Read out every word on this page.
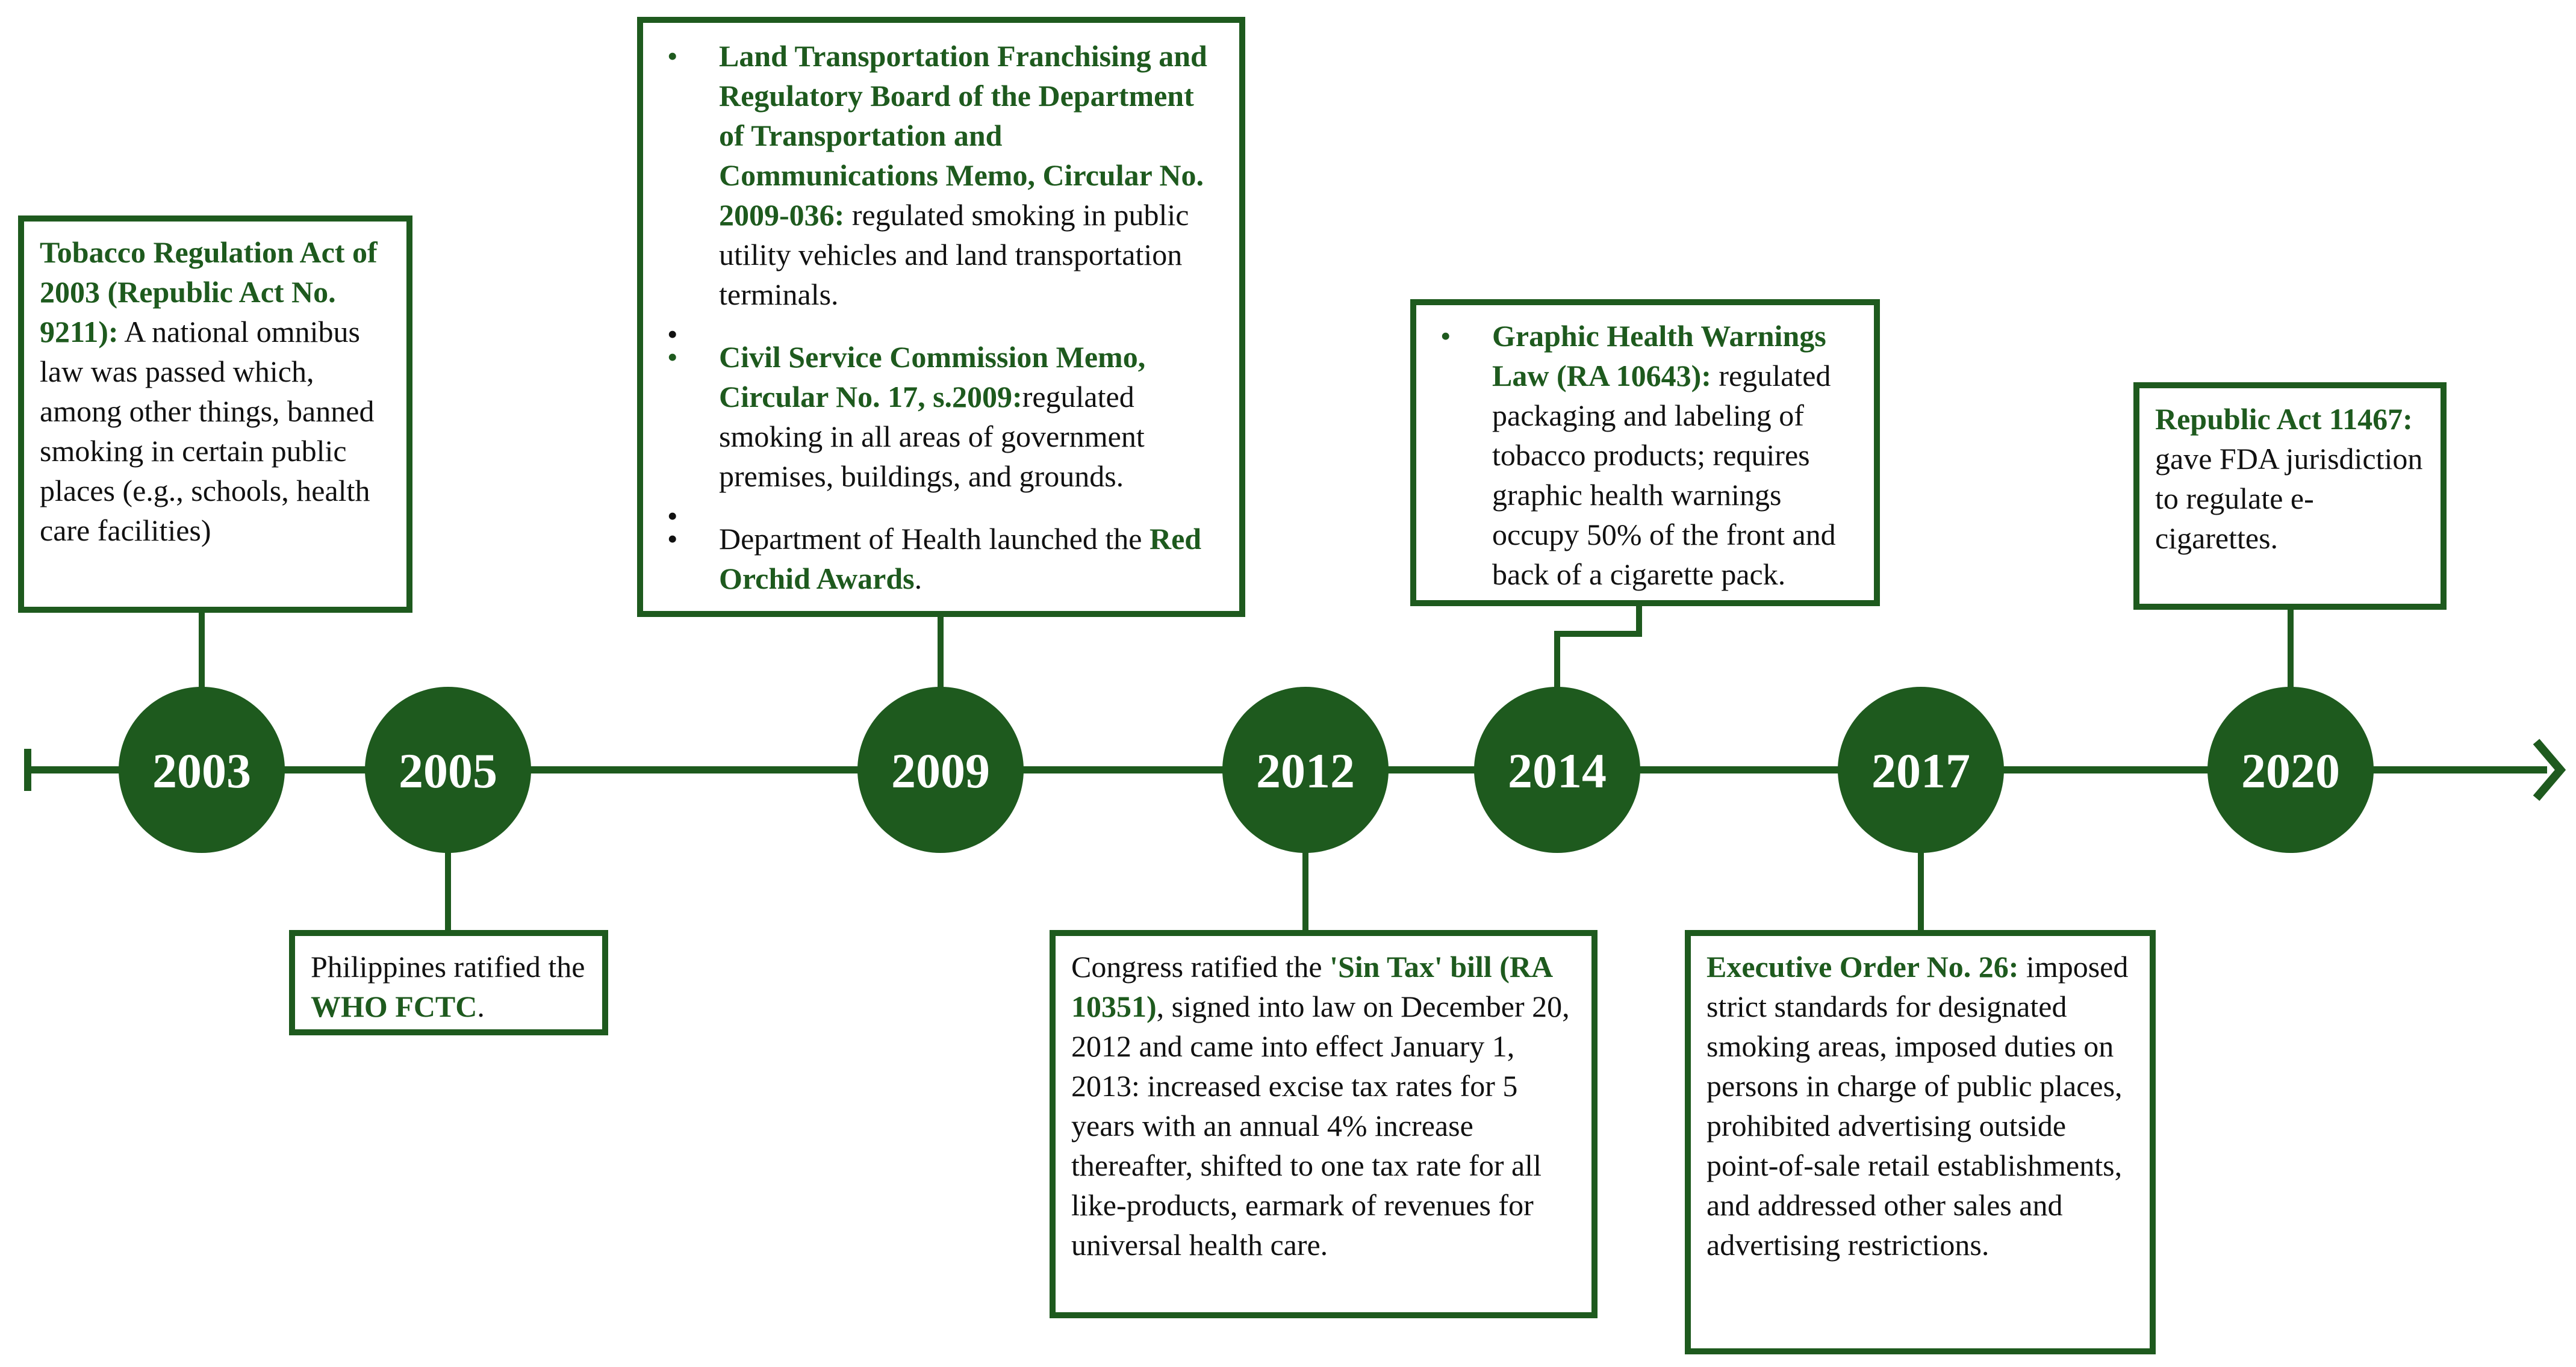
2003	2005	2009	2012	2014	2017	2020
Tobacco Regulation Act of 2003 (Republic Act No. 9211): A national omnibus law was passed which, among other things, banned smoking in certain public places (e.g., schools, health care facilities)
Philippines ratified the WHO FCTC.
• Land Transportation Franchising and Regulatory Board of the Department of Transportation and Communications Memo, Circular No. 2009-036: regulated smoking in public utility vehicles and land transportation terminals.
•
• Civil Service Commission Memo, Circular No. 17, s.2009:regulated smoking in all areas of government premises, buildings, and grounds.
•
• Department of Health launched the Red Orchid Awards.
Congress ratified the 'Sin Tax' bill (RA 10351), signed into law on December 20, 2012 and came into effect January 1, 2013: increased excise tax rates for 5 years with an annual 4% increase thereafter, shifted to one tax rate for all like-products, earmark of revenues for universal health care.
• Graphic Health Warnings Law (RA 10643): regulated packaging and labeling of tobacco products; requires graphic health warnings occupy 50% of the front and back of a cigarette pack.
Executive Order No. 26: imposed strict standards for designated smoking areas, imposed duties on persons in charge of public places, prohibited advertising outside point-of-sale retail establishments, and addressed other sales and advertising restrictions.
Republic Act 11467: gave FDA jurisdiction to regulate e-cigarettes.
